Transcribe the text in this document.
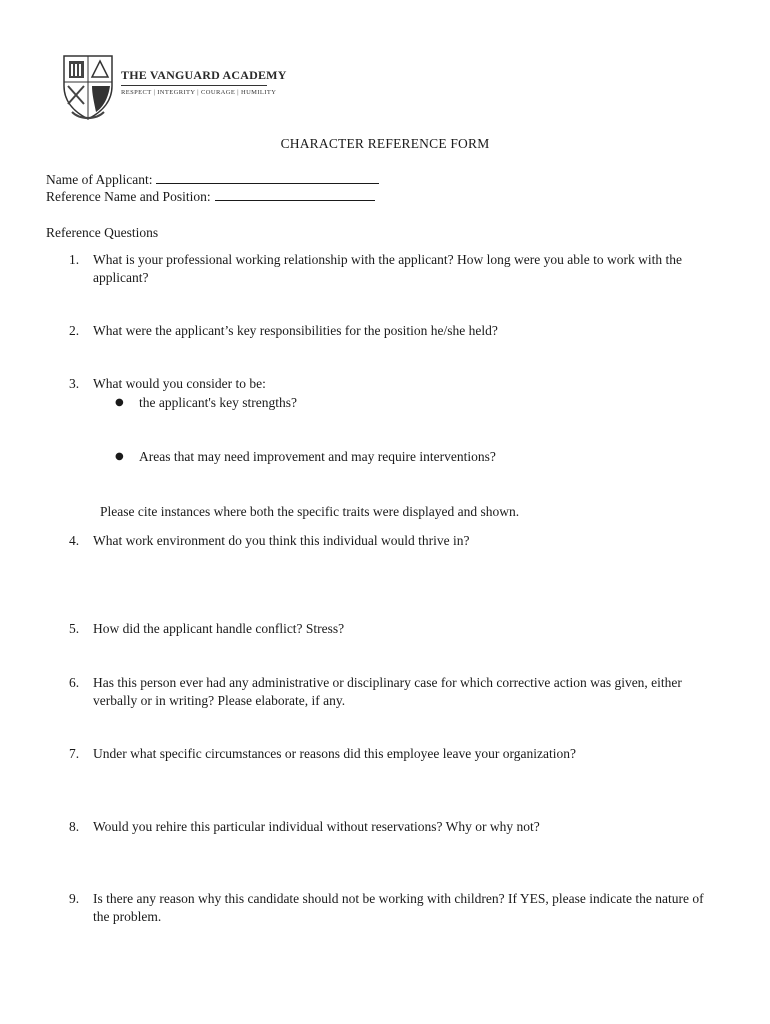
THE VANGUARD ACADEMY
RESPECT | INTEGRITY | COURAGE | HUMILITY
CHARACTER REFERENCE FORM
Name of Applicant:
Reference Name and Position:
Reference Questions
1. What is your professional working relationship with the applicant? How long were you able to work with the applicant?
2. What were the applicant’s key responsibilities for the position he/she held?
3. What would you consider to be:
● the applicant's key strengths?
● Areas that may need improvement and may require interventions?
Please cite instances where both the specific traits were displayed and shown.
4. What work environment do you think this individual would thrive in?
5. How did the applicant handle conflict? Stress?
6. Has this person ever had any administrative or disciplinary case for which corrective action was given, either verbally or in writing? Please elaborate, if any.
7. Under what specific circumstances or reasons did this employee leave your organization?
8. Would you rehire this particular individual without reservations? Why or why not?
9. Is there any reason why this candidate should not be working with children? If YES, please indicate the nature of the problem.
